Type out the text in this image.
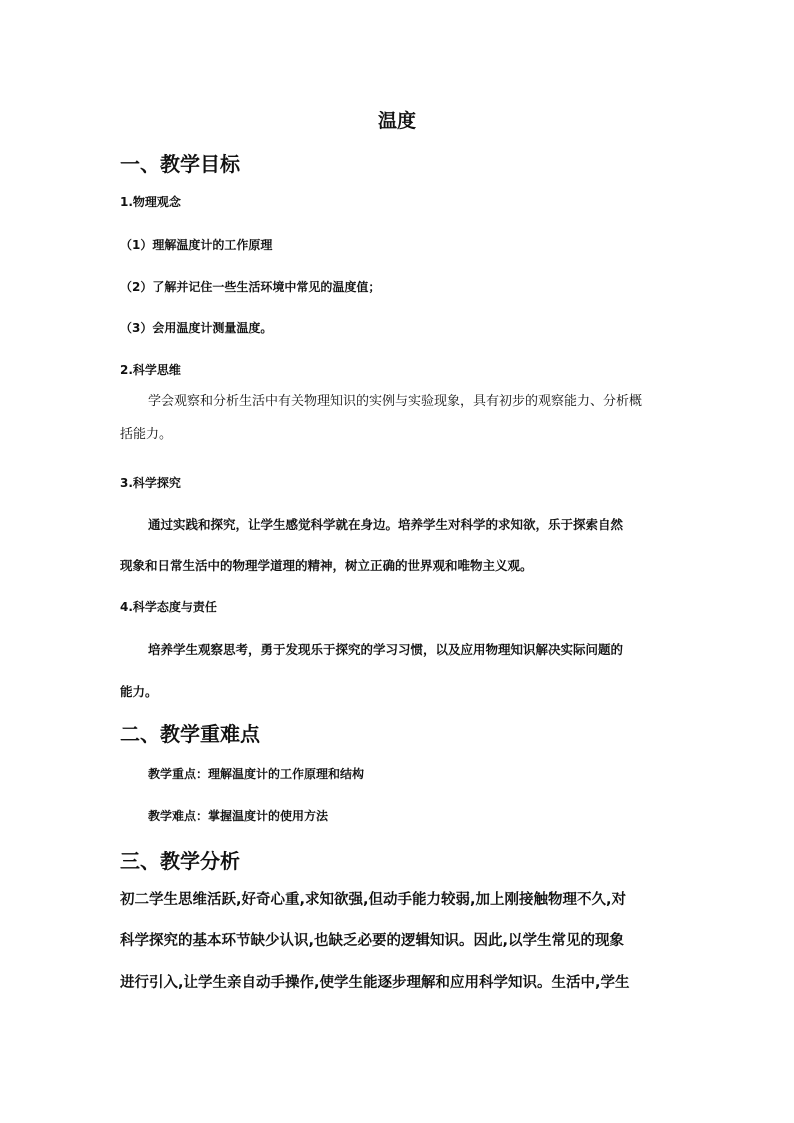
温度
一、教学目标
1.物理观念
（1）理解温度计的工作原理
（2）了解并记住一些生活环境中常见的温度值；
（3）会用温度计测量温度。
2.科学思维
学会观察和分析生活中有关物理知识的实例与实验现象，具有初步的观察能力、分析概
括能力。
3.科学探究
通过实践和探究，让学生感觉科学就在身边。培养学生对科学的求知欲，乐于探索自然
现象和日常生活中的物理学道理的精神，树立正确的世界观和唯物主义观。
4.科学态度与责任
培养学生观察思考，勇于发现乐于探究的学习习惯，以及应用物理知识解决实际问题的
能力。
二、教学重难点
教学重点：理解温度计的工作原理和结构
教学难点：掌握温度计的使用方法
三、教学分析
初二学生思维活跃,好奇心重,求知欲强,但动手能力较弱,加上刚接触物理不久,对
科学探究的基本环节缺少认识,也缺乏必要的逻辑知识。因此,以学生常见的现象
进行引入,让学生亲自动手操作,使学生能逐步理解和应用科学知识。生活中,学生
